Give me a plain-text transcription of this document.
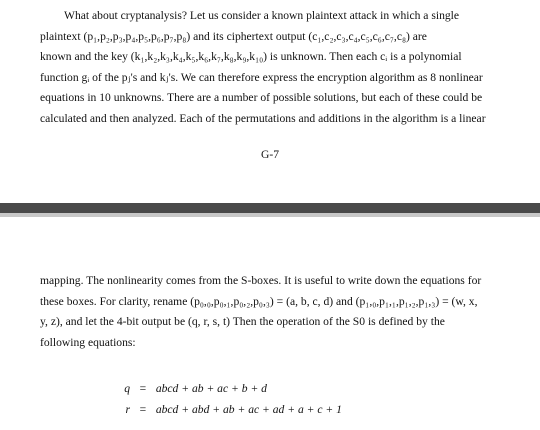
What about cryptanalysis? Let us consider a known plaintext attack in which a single
plaintext (p₁,p₂,p₃,p₄,p₅,p₆,p₇,p₈) and its ciphertext output (c₁,c₂,c₃,c₄,c₅,c₆,c₇,c₈) are
known and the key (k₁,k₂,k₃,k₄,k₅,k₆,k₇,k₈,k₉,k₁₀) is unknown. Then each cᵢ is a polynomial
function gᵢ of the pⱼ's and kⱼ's. We can therefore express the encryption algorithm as 8 nonlinear
equations in 10 unknowns. There are a number of possible solutions, but each of these could be
calculated and then analyzed. Each of the permutations and additions in the algorithm is a linear
G-7
mapping. The nonlinearity comes from the S-boxes. It is useful to write down the equations for
these boxes. For clarity, rename (p₀,₀,p₀,₁,p₀,₂,p₀,₃) = (a, b, c, d) and (p₁,₀,p₁,₁,p₁,₂,p₁,₃) = (w, x,
y, z), and let the 4-bit output be (q, r, s, t) Then the operation of the S0 is defined by the
following equations:
q = abcd + ab + ac + b + d
r = abcd + abd + ab + ac + ad + a + c + 1
